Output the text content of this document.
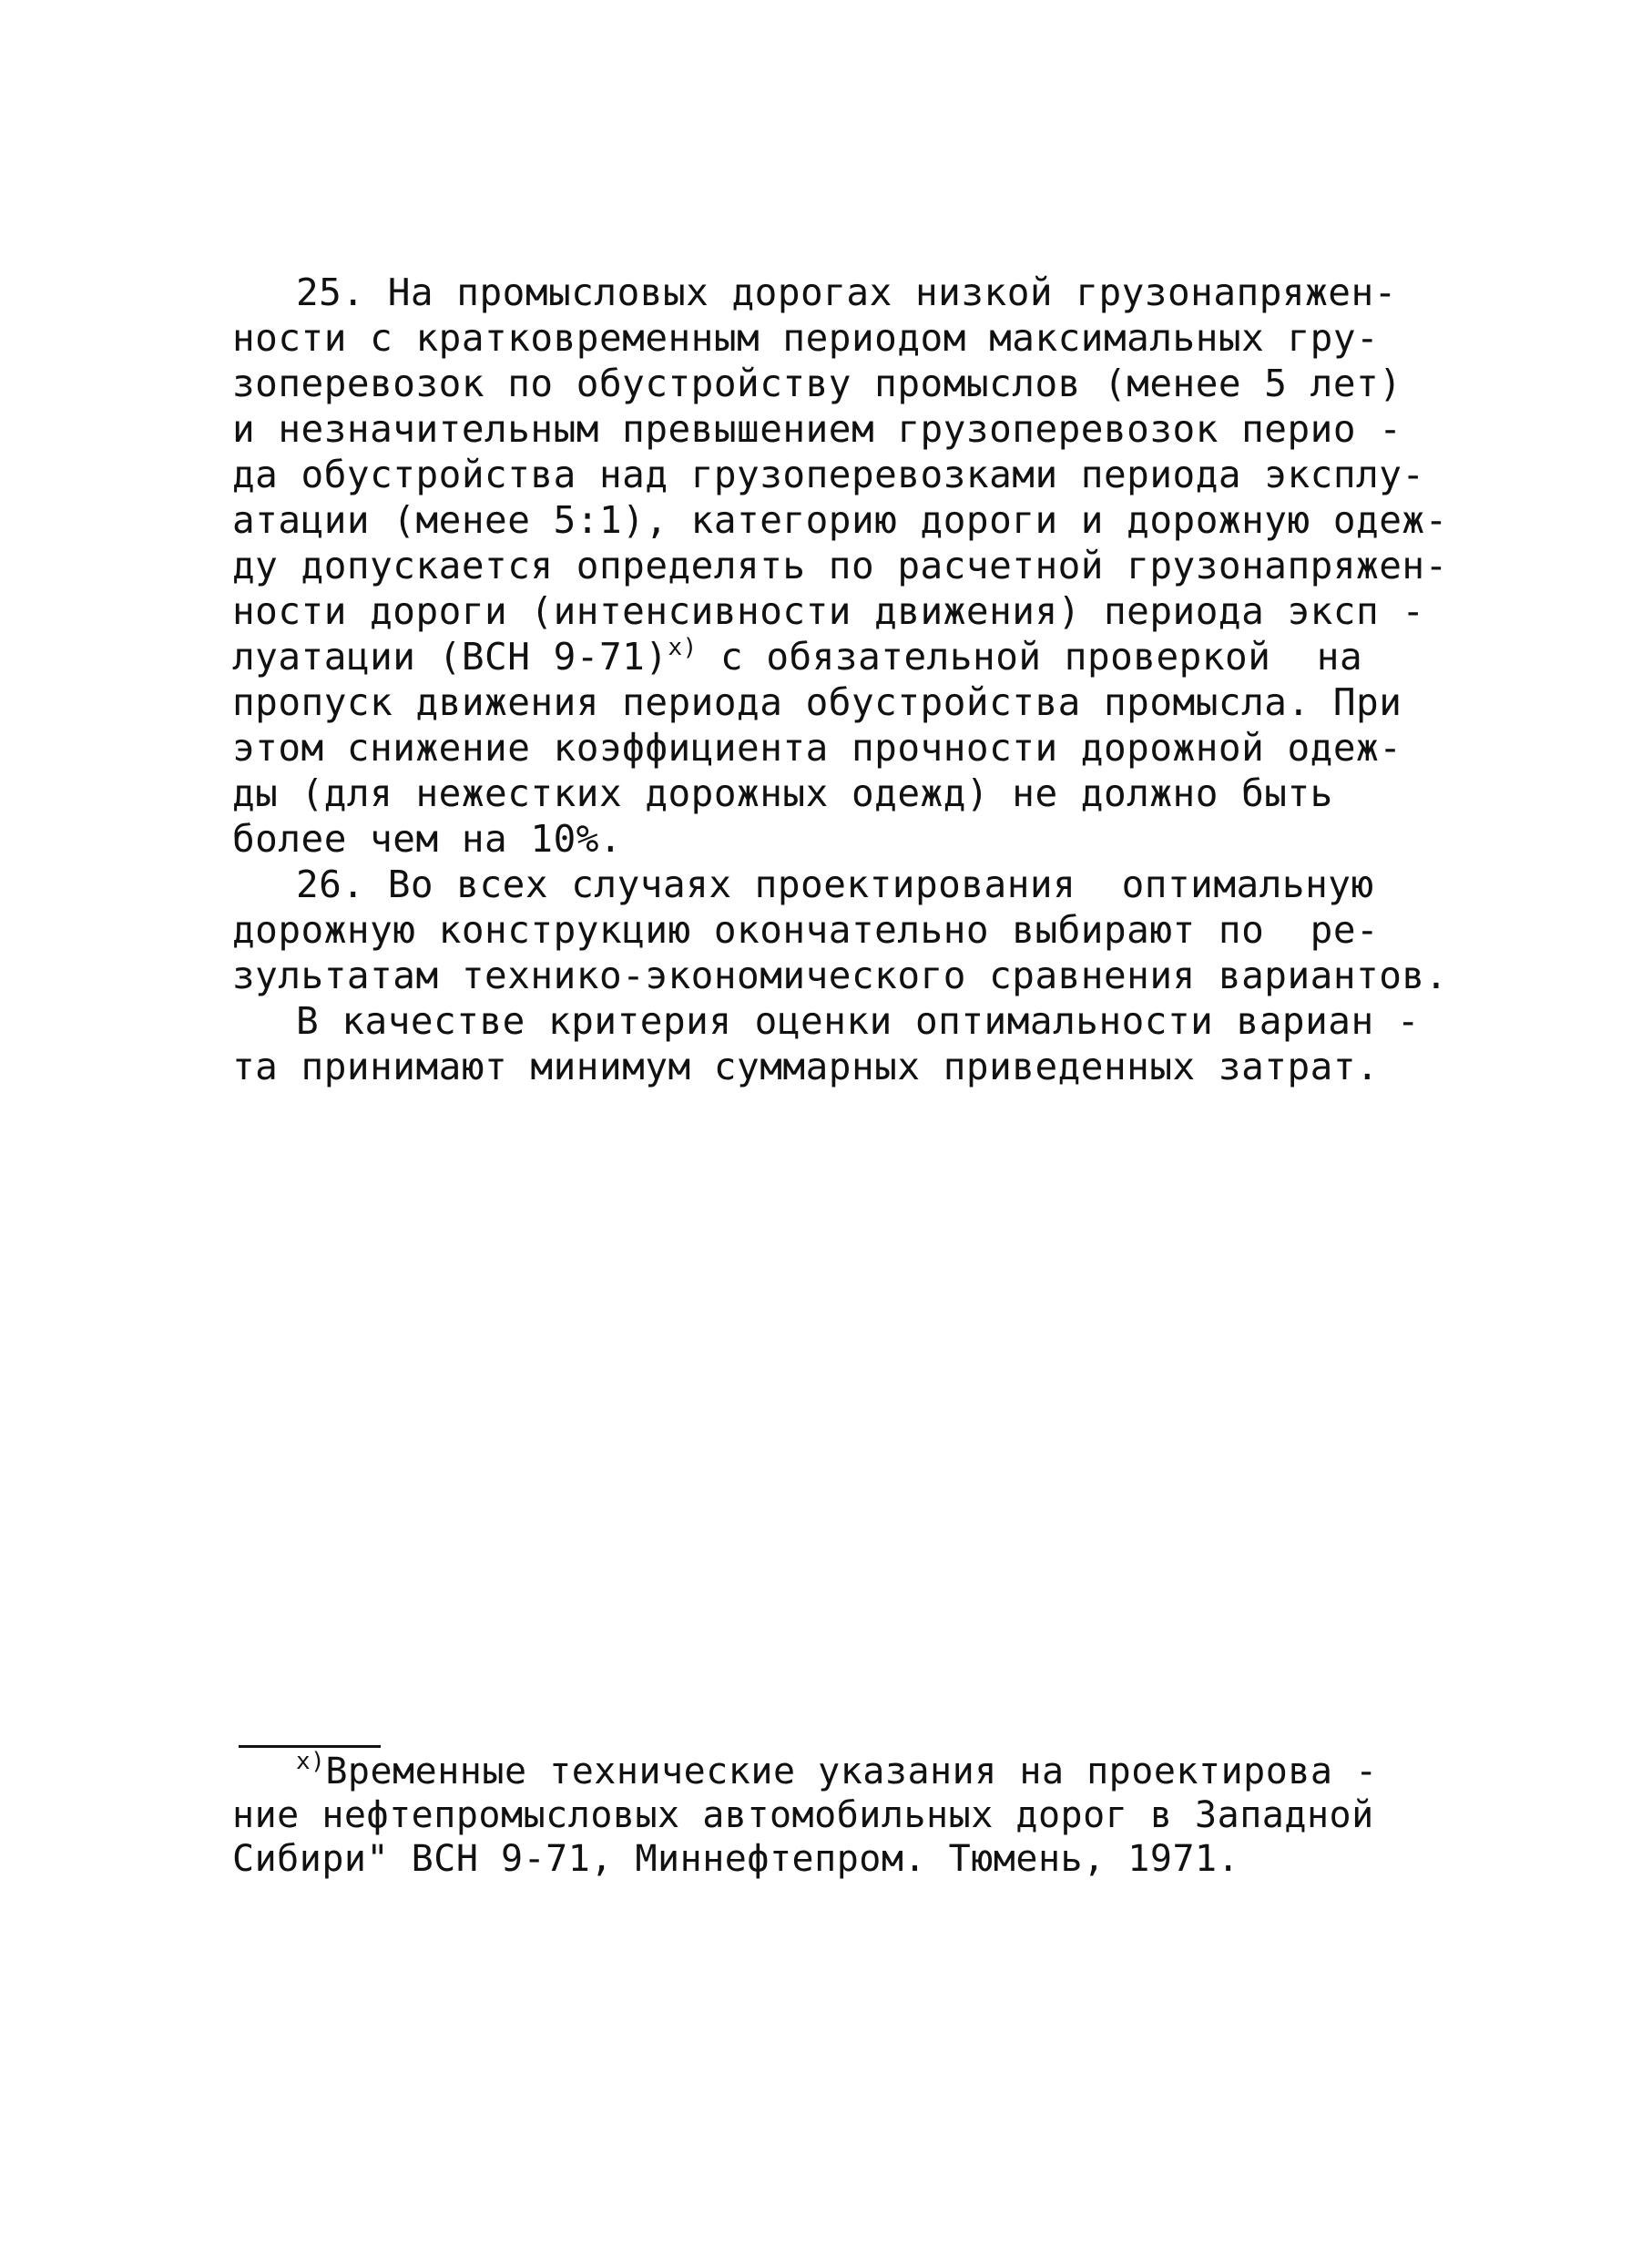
25. На промысловых дорогах низкой грузонапряжен-
ности с кратковременным периодом максимальных гру-
зоперевозок по обустройству промыслов (менее 5 лет)
и незначительным превышением грузоперевозок перио -
да обустройства над грузоперевозками периода эксплу-
атации (менее 5:1), категорию дороги и дорожную одеж-
ду допускается определять по расчетной грузонапряжен-
ности дороги (интенсивности движения) периода эксп -
луатации (ВСН 9-71)$^{x)}$ с обязательной проверкой  на
пропуск движения периода обустройства промысла. При
этом снижение коэффициента прочности дорожной одеж-
ды (для нежестких дорожных одежд) не должно быть
более чем на 10%.
26. Во всех случаях проектирования  оптимальную
дорожную конструкцию окончательно выбирают по  ре-
зультатам технико-экономического сравнения вариантов.
В качестве критерия оценки оптимальности вариан -
та принимают минимум суммарных приведенных затрат.
$^{x)}$Временные технические указания на проектирова -
ние нефтепромысловых автомобильных дорог в Западной
Сибири" ВСН 9-71, Миннефтепром. Тюмень, 1971.
